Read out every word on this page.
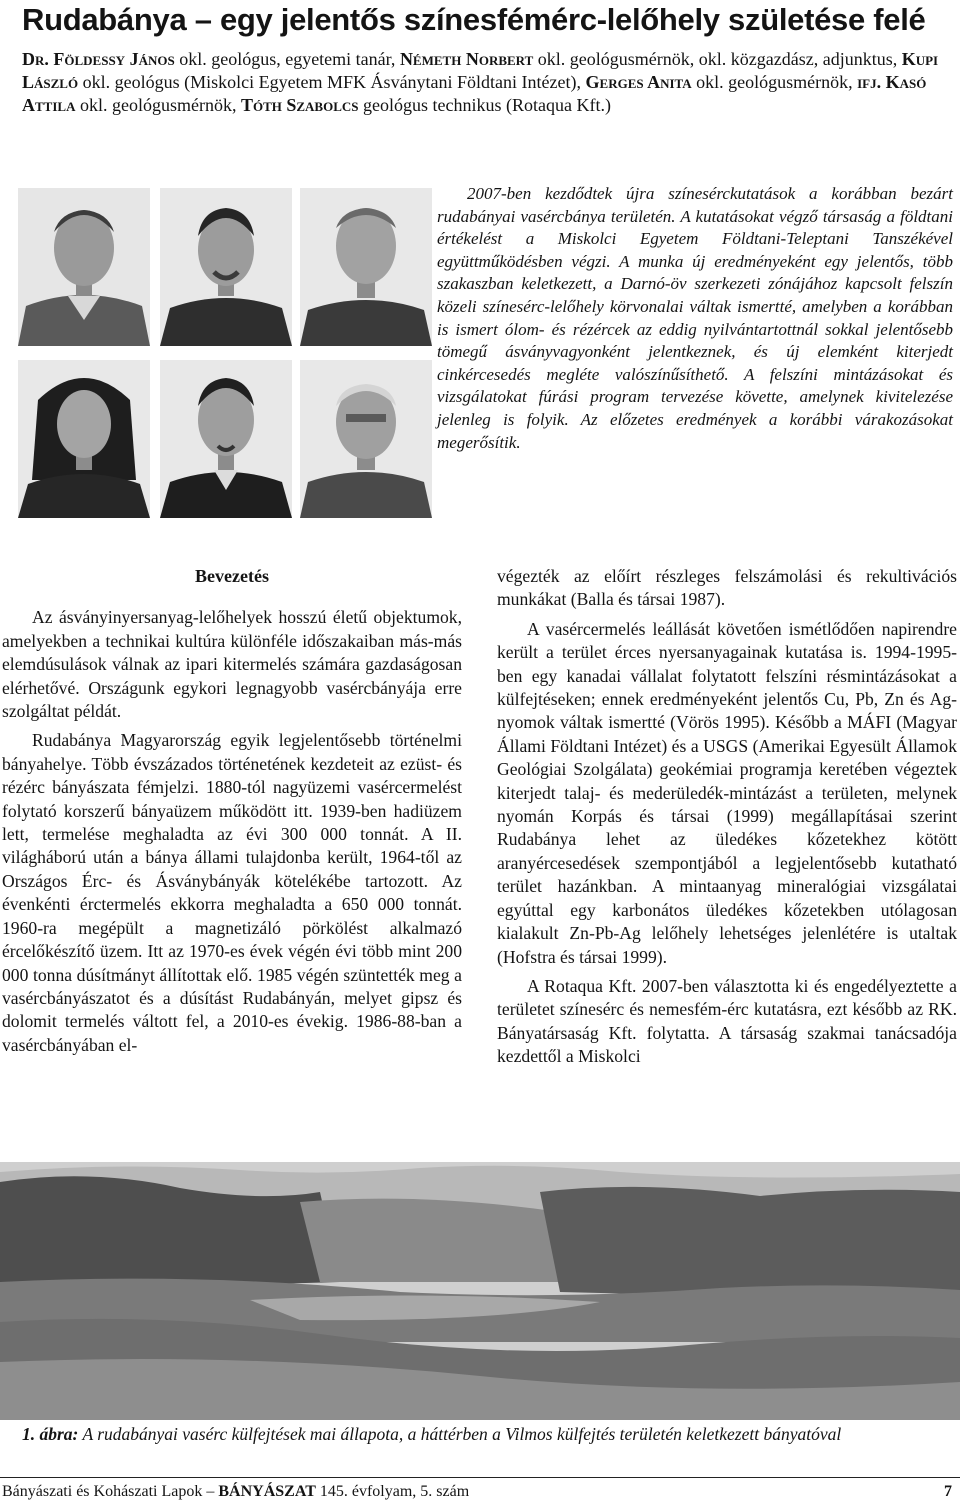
Rudabánya – egy jelentős színesfémérc-lelőhely születése felé
Dr. Földessy János okl. geológus, egyetemi tanár, Németh Norbert okl. geológusmérnök, okl. közgazdász, adjunktus, Kupi László okl. geológus (Miskolci Egyetem MFK Ásványtani Földtani Intézet), Gerges Anita okl. geológusmérnök, ifj. Kasó Attila okl. geológusmérnök, Tóth Szabolcs geológus technikus (Rotaqua Kft.)

2007-ben kezdődtek újra színesérckutatások a korábban bezárt rudabányai vasércbánya területén. A kutatásokat végző társaság a földtani értékelést a Miskolci Egyetem Földtani-Teleptani Tanszékével együttműködésben végzi. A munka új eredményeként egy jelentős, több szakaszban keletkezett, a Darnó-öv szerkezeti zónájához kapcsolt felszín közeli színesérc-lelőhely körvonalai váltak ismertté, amelyben a korábban is ismert ólom- és rézércek az eddig nyilvántartottnál sokkal jelentősebb tömegű ásványvagyonként jelentkeznek, és új elemként kiterjedt cinkércesedés megléte valószínűsíthető. A felszíni mintázásokat és vizsgálatokat fúrási program tervezése követte, amelynek kivitelezése jelenleg is folyik. Az előzetes eredmények a korábbi várakozásokat megerősítik.

Bevezetés

Az ásványinyersanyag-lelőhelyek hosszú életű objektumok, amelyekben a technikai kultúra különféle időszakaiban más-más elemdúsulások válnak az ipari kitermelés számára gazdaságosan elérhetővé. Országunk egykori legnagyobb vasércbányája erre szolgáltat példát.

Rudabánya Magyarország egyik legjelentősebb történelmi bányahelye. Több évszázados történetének kezdeteit az ezüst- és rézérc bányászata fémjelzi. 1880-tól nagyüzemi vasércermelést folytató korszerű bányaüzem működött itt. 1939-ben hadiüzem lett, termelése meghaladta az évi 300 000 tonnát. A II. világháború után a bánya állami tulajdonba került, 1964-től az Országos Érc- és Ásványbányák kötelékébe tartozott. Az évenkénti érctermelés ekkorra meghaladta a 650 000 tonnát. 1960-ra megépült a magnetizáló pörkölést alkalmazó ércelőkészítő üzem. Itt az 1970-es évek végén évi több mint 200 000 tonna dúsítmányt állítottak elő. 1985 végén szüntették meg a vasércbányászatot és a dúsítást Rudabányán, melyet gipsz és dolomit termelés váltott fel, a 2010-es évekig. 1986-88-ban a vasércbányában el-

végezték az előírt részleges felszámolási és rekultivációs munkákat (Balla és társai 1987).

A vasércermelés leállását követően ismétlődően napirendre került a terület érces nyersanyagainak kutatása is. 1994-1995-ben egy kanadai vállalat folytatott felszíni résmintázásokat a külfejtéseken; ennek eredményeként jelentős Cu, Pb, Zn és Ag-nyomok váltak ismertté (Vörös 1995). Később a MÁFI (Magyar Állami Földtani Intézet) és a USGS (Amerikai Egyesült Államok Geológiai Szolgálata) geokémiai programja keretében végeztek kiterjedt talaj- és mederüledék-mintázást a területen, melynek nyomán Korpás és társai (1999) megállapításai szerint Rudabánya lehet az üledékes kőzetekhez kötött aranyércesedések szempontjából a legjelentősebb kutatható terület hazánkban. A mintaanyag mineralógiai vizsgálatai egyúttal egy karbonátos üledékes kőzetekben utólagosan kialakult Zn-Pb-Ag lelőhely lehetséges jelenlétére is utaltak (Hofstra és társai 1999).

A Rotaqua Kft. 2007-ben választotta ki és engedélyeztette a területet színesérc és nemesfém-érc kutatásra, ezt később az RK. Bányatársaság Kft. folytatta. A társaság szakmai tanácsadója kezdettől a Miskolci

1. ábra: A rudabányai vasérc külfejtések mai állapota, a háttérben a Vilmos külfejtés területén keletkezett bányatóval
Bányászati és Kohászati Lapok – BÁNYÁSZAT 145. évfolyam, 5. szám	7
